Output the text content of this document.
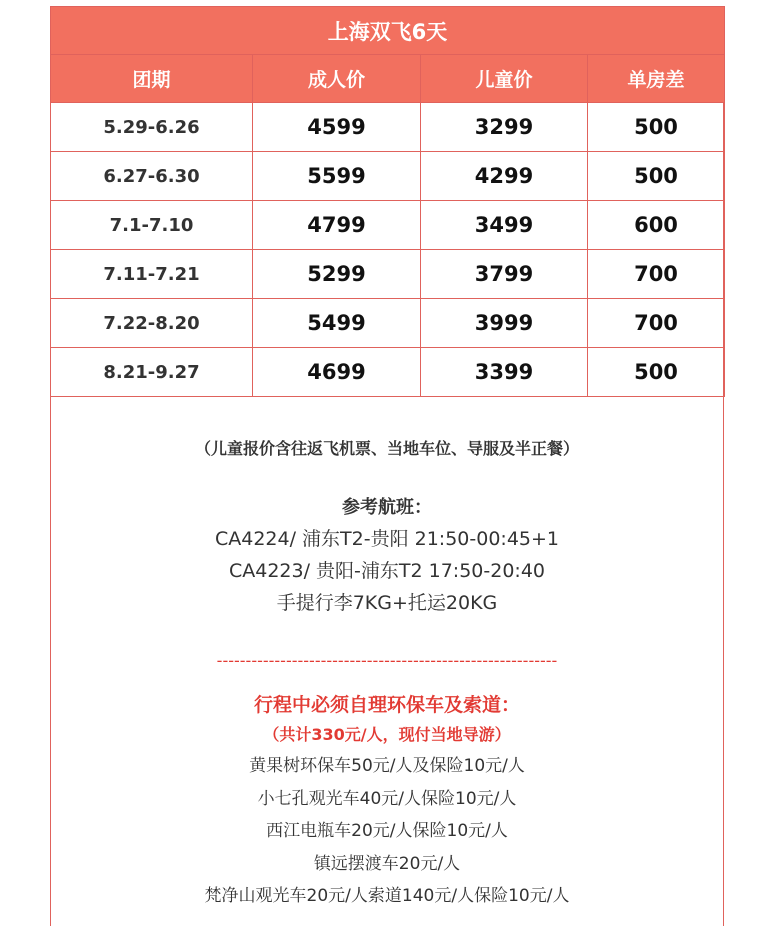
上海双飞6天			
团期	成人价	儿童价	单房差
5.29-6.26	4599	3299	500
6.27-6.30	5599	4299	500
7.1-7.10	4799	3499	600
7.11-7.21	5299	3799	700
7.22-8.20	5499	3999	700
8.21-9.27	4699	3399	500
（儿童报价含往返飞机票、当地车位、导服及半正餐）
参考航班：
CA4224/ 浦东T2-贵阳 21:50-00:45+1
CA4223/ 贵阳-浦东T2 17:50-20:40
手提行李7KG+托运20KG
-----------------------------------------------------------
行程中必须自理环保车及索道：
（共计330元/人，现付当地导游）
黄果树环保车50元/人及保险10元/人
小七孔观光车40元/人保险10元/人
西江电瓶车20元/人保险10元/人
镇远摆渡车20元/人
梵净山观光车20元/人索道140元/人保险10元/人
